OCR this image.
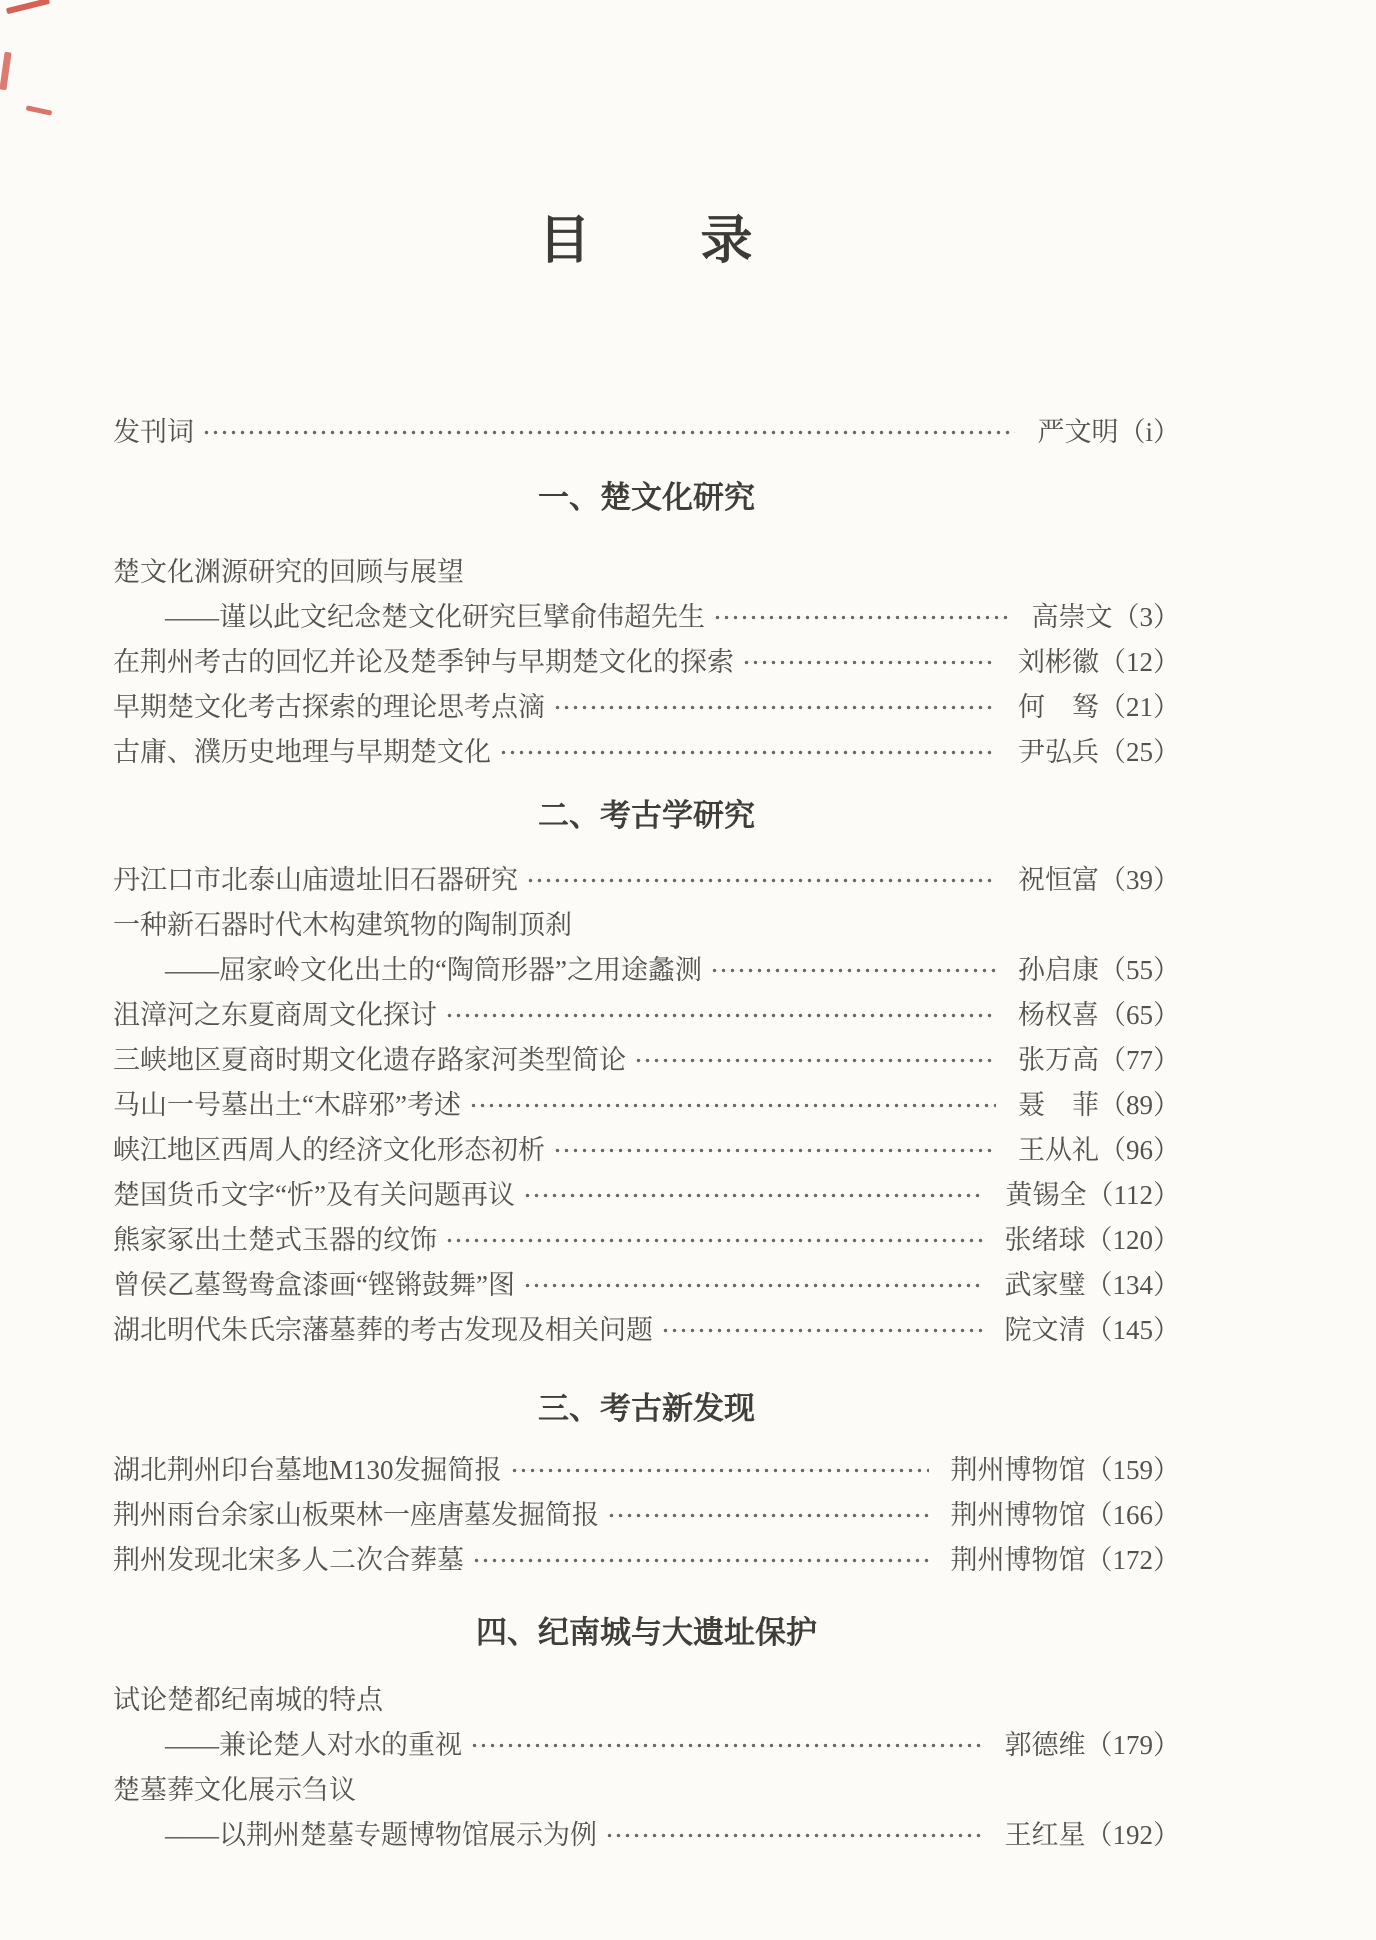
目　　录
发刊词	严文明	（ i ）
一、楚文化研究
楚文化渊源研究的回顾与展望
——谨以此文纪念楚文化研究巨擘俞伟超先生	高崇文	（ 3 ）
在荆州考古的回忆并论及楚季钟与早期楚文化的探索	刘彬徽	（ 12 ）
早期楚文化考古探索的理论思考点滴	何　驽	（ 21 ）
古庸、濮历史地理与早期楚文化	尹弘兵	（ 25 ）
二、考古学研究
丹江口市北泰山庙遗址旧石器研究	祝恒富	（ 39 ）
一种新石器时代木构建筑物的陶制顶刹
——屈家岭文化出土的“陶筒形器”之用途蠡测	孙启康	（ 55 ）
沮漳河之东夏商周文化探讨	杨权喜	（ 65 ）
三峡地区夏商时期文化遗存路家河类型简论	张万高	（ 77 ）
马山一号墓出土“木辟邪”考述	聂　菲	（ 89 ）
峡江地区西周人的经济文化形态初析	王从礼	（ 96 ）
楚国货币文字“忻”及有关问题再议	黄锡全	（ 112 ）
熊家冢出土楚式玉器的纹饰	张绪球	（ 120 ）
曾侯乙墓鸳鸯盒漆画“铿锵鼓舞”图	武家璧	（ 134 ）
湖北明代朱氏宗藩墓葬的考古发现及相关问题	院文清	（ 145 ）
三、考古新发现
湖北荆州印台墓地M130发掘简报	荆州博物馆	（ 159 ）
荆州雨台余家山板栗林一座唐墓发掘简报	荆州博物馆	（ 166 ）
荆州发现北宋多人二次合葬墓	荆州博物馆	（ 172 ）
四、纪南城与大遗址保护
试论楚都纪南城的特点
——兼论楚人对水的重视	郭德维	（ 179 ）
楚墓葬文化展示刍议
——以荆州楚墓专题博物馆展示为例	王红星	（ 192 ）
